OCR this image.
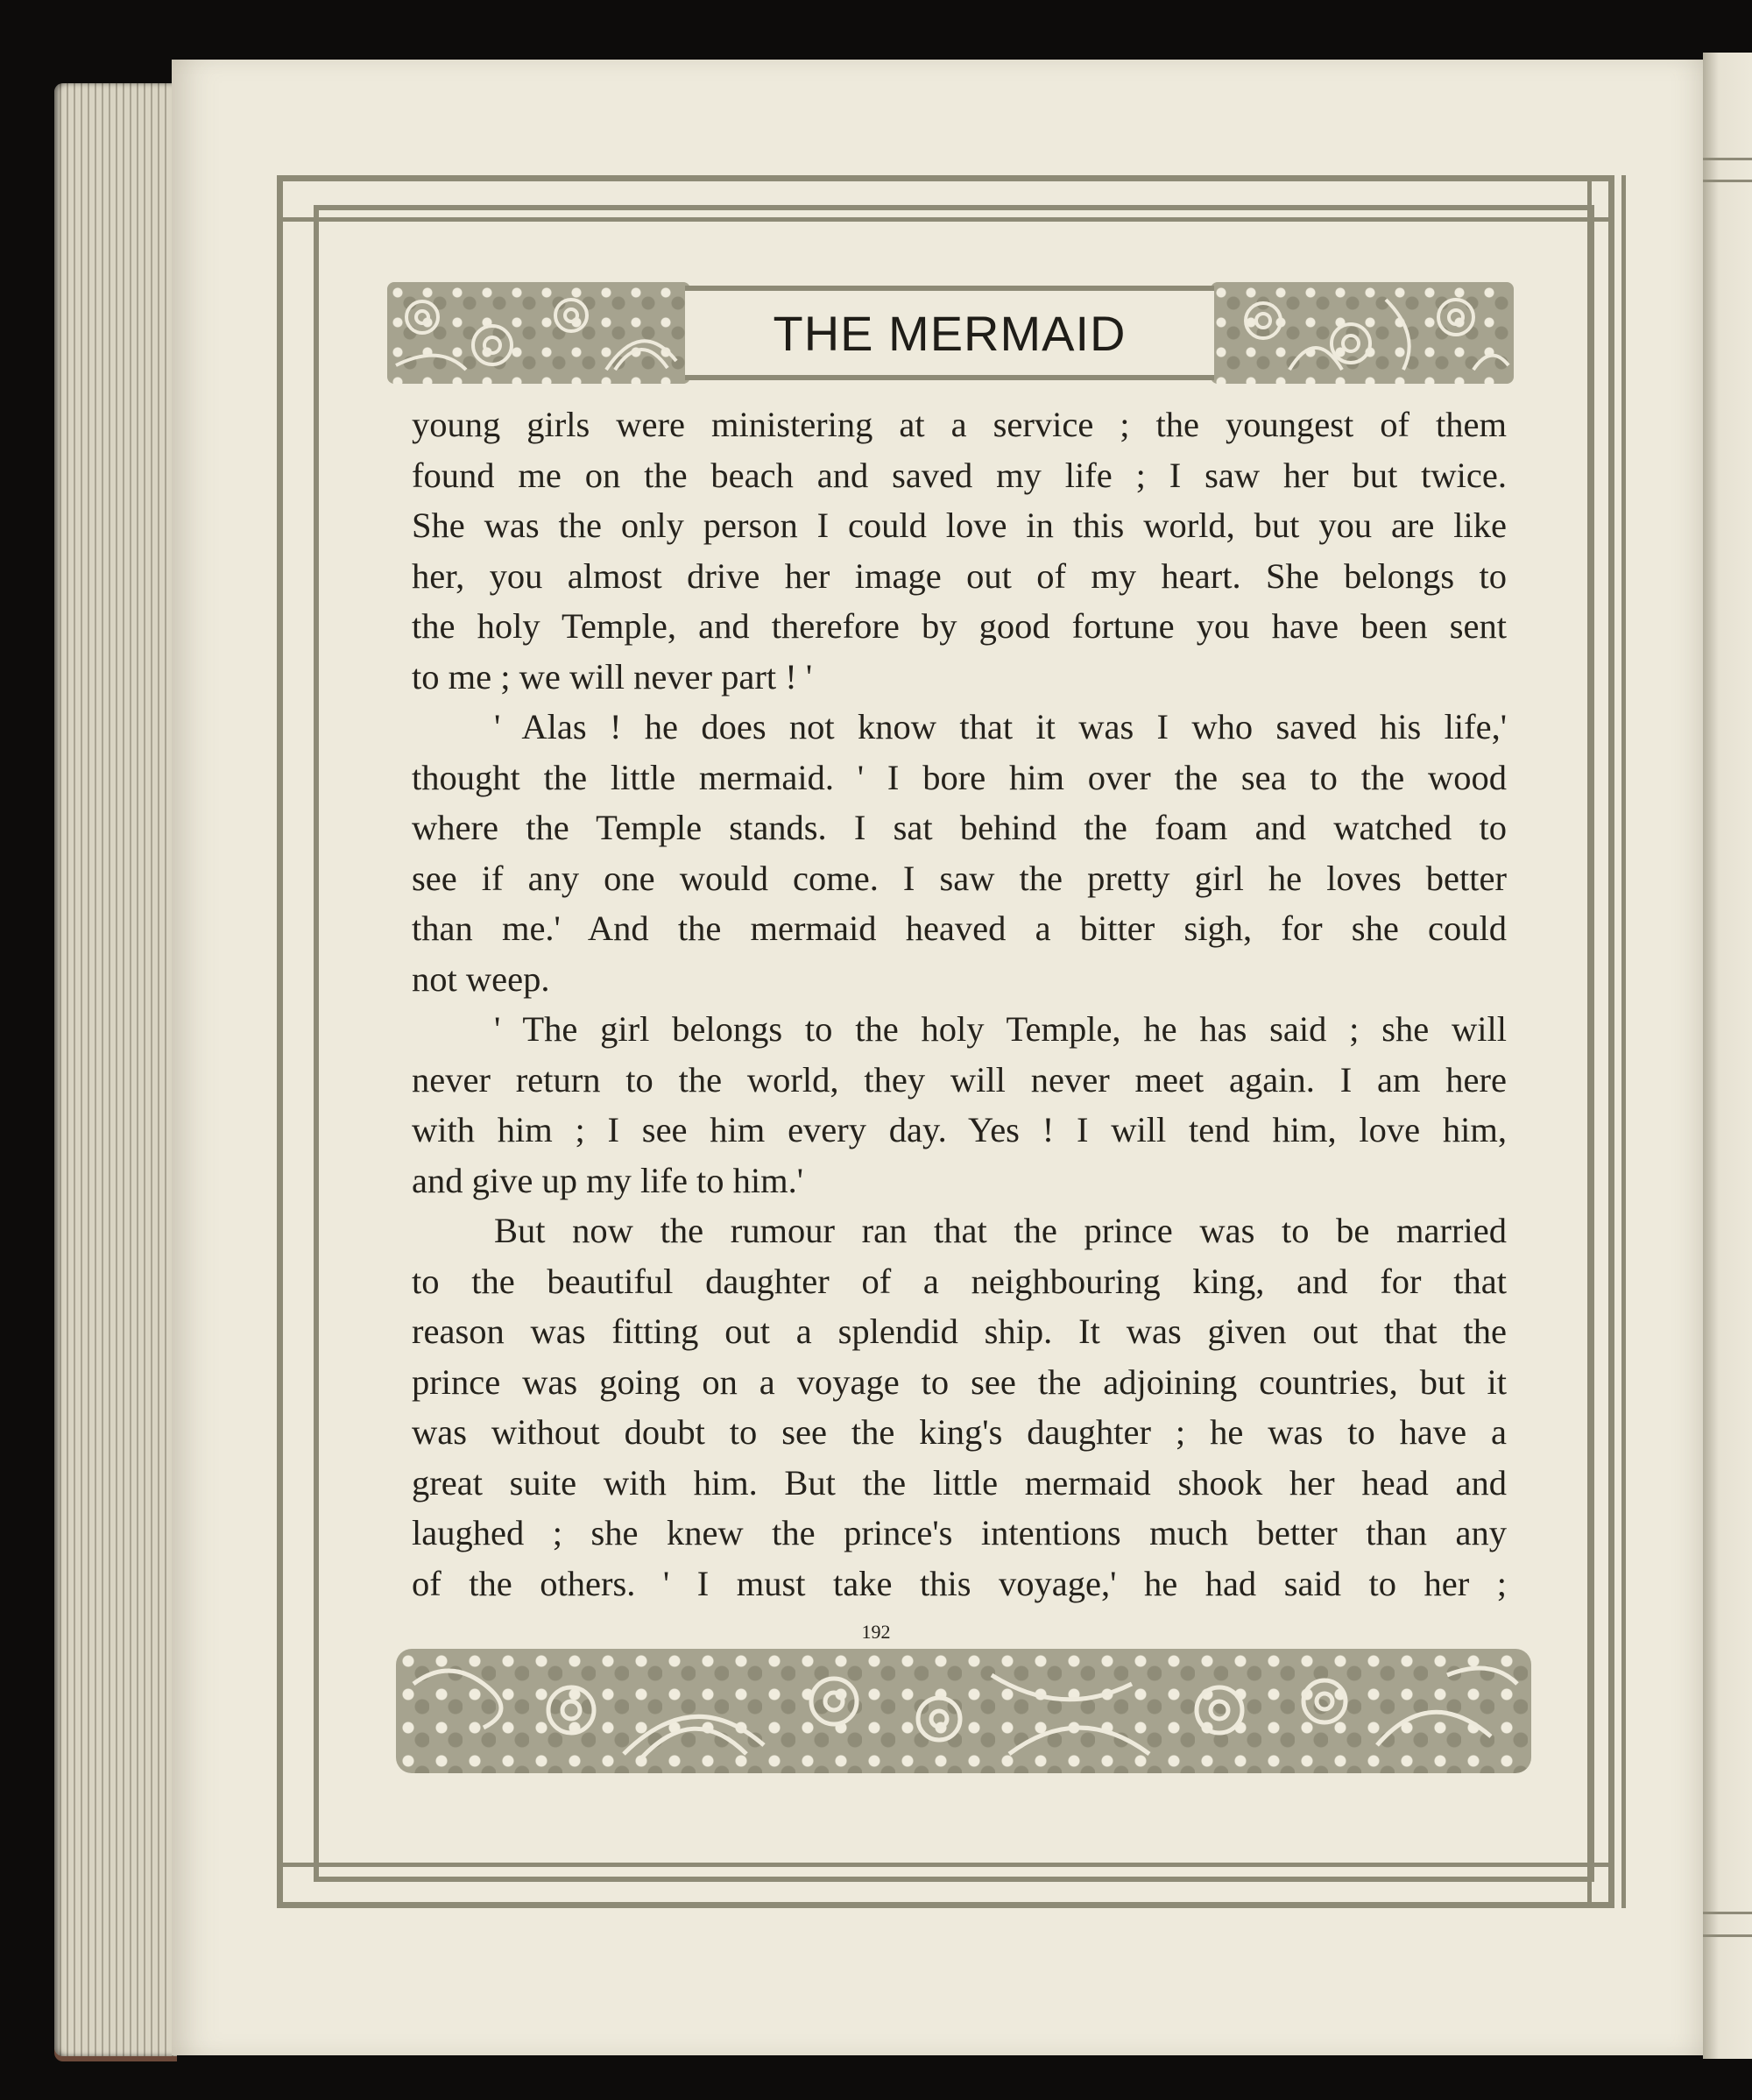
THE MERMAID
young girls were ministering at a service ; the youngest of them
found me on the beach and saved my life ; I saw her but twice.
She was the only person I could love in this world, but you are like
her, you almost drive her image out of my heart. She belongs to
the holy Temple, and therefore by good fortune you have been sent
to me ; we will never part ! '
' Alas ! he does not know that it was I who saved his life,'
thought the little mermaid. ' I bore him over the sea to the wood
where the Temple stands. I sat behind the foam and watched to
see if any one would come. I saw the pretty girl he loves better
than me.' And the mermaid heaved a bitter sigh, for she could
not weep.
' The girl belongs to the holy Temple, he has said ; she will
never return to the world, they will never meet again. I am here
with him ; I see him every day. Yes ! I will tend him, love him,
and give up my life to him.'
But now the rumour ran that the prince was to be married
to the beautiful daughter of a neighbouring king, and for that
reason was fitting out a splendid ship. It was given out that the
prince was going on a voyage to see the adjoining countries, but it
was without doubt to see the king's daughter ; he was to have a
great suite with him. But the little mermaid shook her head and
laughed ; she knew the prince's intentions much better than any
of the others. ' I must take this voyage,' he had said to her ;
192
